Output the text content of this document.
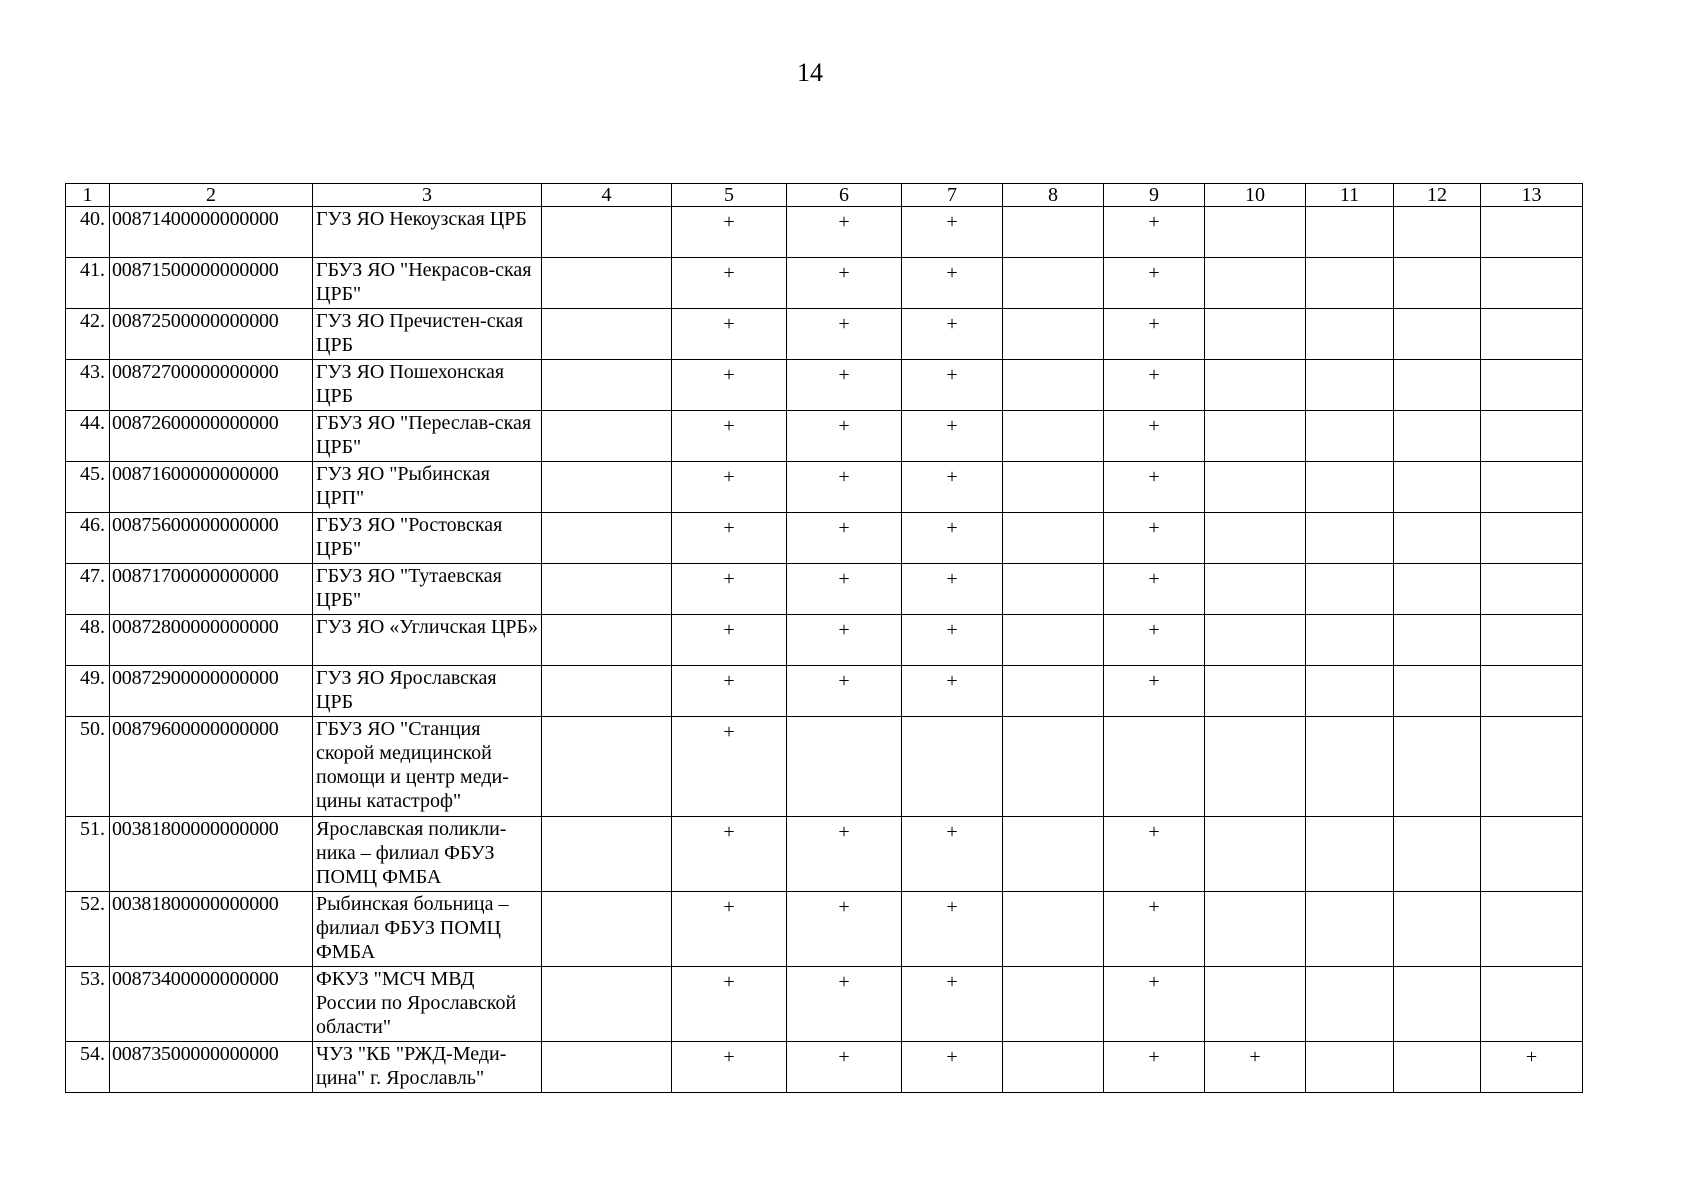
14
1	2	3	4	5	6	7	8	9	10	11	12	13
40.	00871400000000000	ГУЗ ЯО Некоузская ЦРБ		+	+	+		+				
41.	00871500000000000	ГБУЗ ЯО "Некрасов-ская ЦРБ"		+	+	+		+				
42.	00872500000000000	ГУЗ ЯО Пречистен-ская ЦРБ		+	+	+		+				
43.	00872700000000000	ГУЗ ЯО Пошехонская ЦРБ		+	+	+		+				
44.	00872600000000000	ГБУЗ ЯО "Переслав-ская ЦРБ"		+	+	+		+				
45.	00871600000000000	ГУЗ ЯО "Рыбинская ЦРП"		+	+	+		+				
46.	00875600000000000	ГБУЗ ЯО "Ростовская ЦРБ"		+	+	+		+				
47.	00871700000000000	ГБУЗ ЯО "Тутаевская ЦРБ"		+	+	+		+				
48.	00872800000000000	ГУЗ ЯО «Угличская ЦРБ»		+	+	+		+				
49.	00872900000000000	ГУЗ ЯО Ярославская ЦРБ		+	+	+		+				
50.	00879600000000000	ГБУЗ ЯО "Станция скорой медицинской помощи и центр меди-цины катастроф"		+								
51.	00381800000000000	Ярославская поликли-ника – филиал ФБУЗ ПОМЦ ФМБА		+	+	+		+				
52.	00381800000000000	Рыбинская больница – филиал ФБУЗ ПОМЦ ФМБА		+	+	+		+				
53.	00873400000000000	ФКУЗ "МСЧ МВД России по Ярославской области"		+	+	+		+				
54.	00873500000000000	ЧУЗ "КБ "РЖД-Меди-цина" г. Ярославль"		+	+	+		+	+			+
